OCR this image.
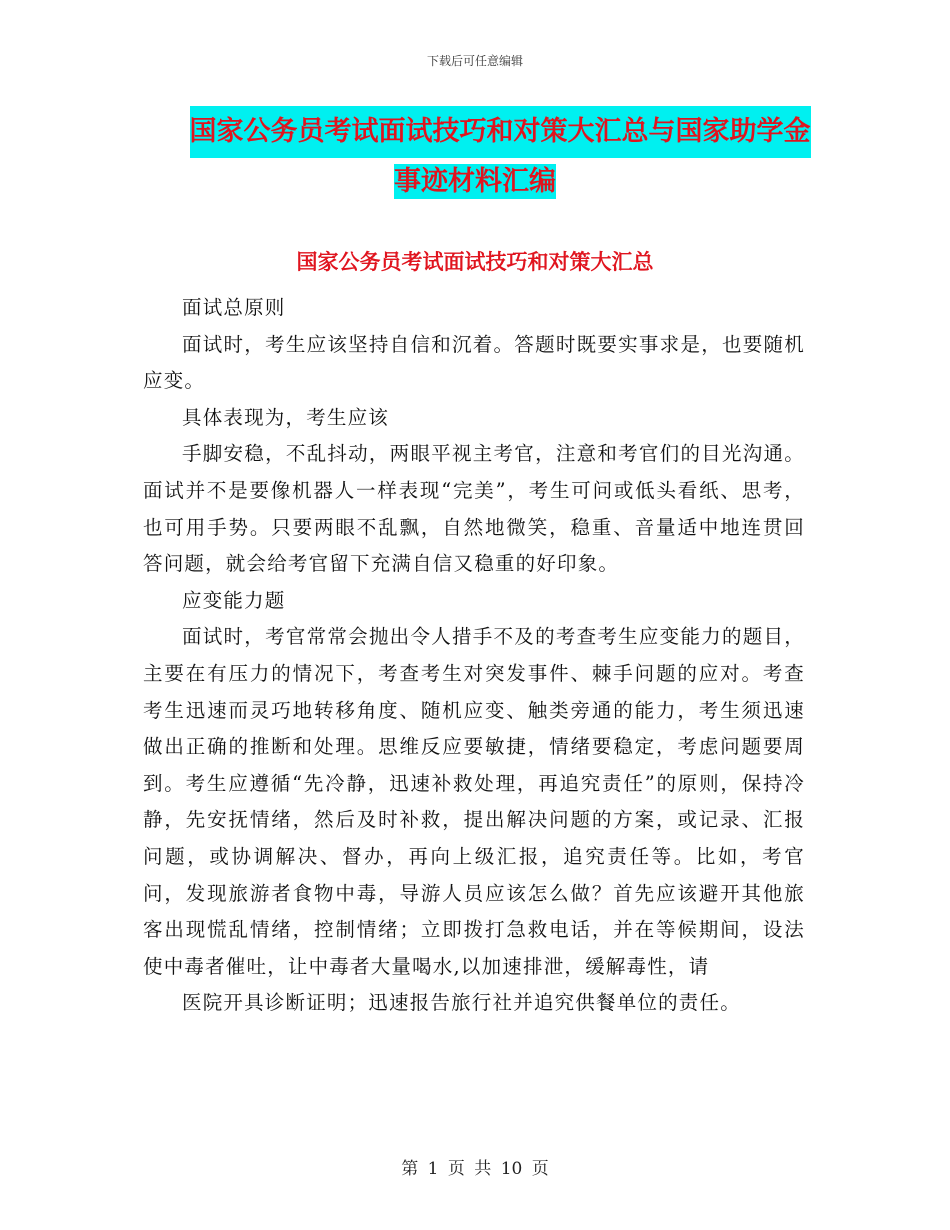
下载后可任意编辑
国家公务员考试面试技巧和对策大汇总与国家助学金
事迹材料汇编
国家公务员考试面试技巧和对策大汇总

面试总原则

面试时，考生应该坚持自信和沉着。答题时既要实事求是，也要随机应变。

具体表现为，考生应该

手脚安稳，不乱抖动，两眼平视主考官，注意和考官们的目光沟通。面试并不是要像机器人一样表现“完美”，考生可问或低头看纸、思考，也可用手势。只要两眼不乱飘，自然地微笑，稳重、音量适中地连贯回答问题，就会给考官留下充满自信又稳重的好印象。

应变能力题

面试时，考官常常会抛出令人措手不及的考查考生应变能力的题目，主要在有压力的情况下，考查考生对突发事件、棘手问题的应对。考查考生迅速而灵巧地转移角度、随机应变、触类旁通的能力，考生须迅速做出正确的推断和处理。思维反应要敏捷，情绪要稳定，考虑问题要周到。考生应遵循“先冷静，迅速补救处理，再追究责任”的原则，保持冷静，先安抚情绪，然后及时补救，提出解决问题的方案，或记录、汇报问题，或协调解决、督办，再向上级汇报，追究责任等。比如，考官问，发现旅游者食物中毒，导游人员应该怎么做？首先应该避开其他旅客出现慌乱情绪，控制情绪；立即拨打急救电话，并在等候期间，设法使中毒者催吐，让中毒者大量喝水,以加速排泄，缓解毒性，请

医院开具诊断证明；迅速报告旅行社并追究供餐单位的责任。

第 1 页 共 10 页
